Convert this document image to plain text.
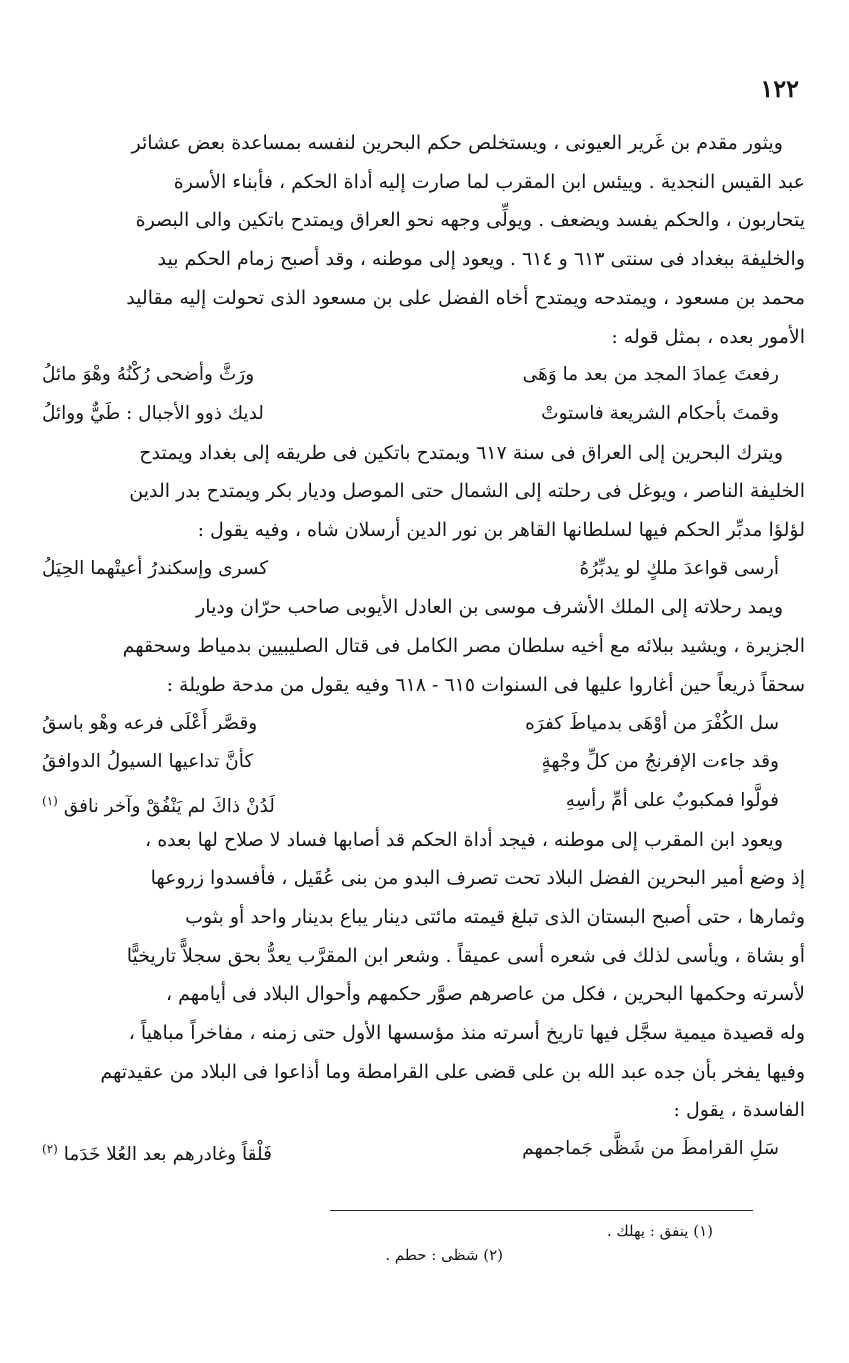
١٢٢

ويثور مقدم بن غَرير العيونى ، ويستخلص حكم البحرين لنفسه بمساعدة بعض عشائر

عبد القيس النجدية . وييئس ابن المقرب لما صارت إليه أداة الحكم ، فأبناء الأسرة

يتحاربون ، والحكم يفسد ويضعف . ويولِّى وجهه نحو العراق ويمتدح باتكين والى البصرة

والخليفة ببغداد فى سنتى ٦١٣ و ٦١٤ . ويعود إلى موطنه ، وقد أصبح زمام الحكم بيد

محمد بن مسعود ، ويمتدحه ويمتدح أخاه الفضل على بن مسعود الذى تحولت إليه مقاليد

الأمور بعده ، بمثل قوله :

رفعتَ عِمادَ المجد من بعد ما وَهَى
ورَثَّ وأضحى رُكْنُهُ وهْوَ مائلُ
وقمتَ بأحكام الشريعة فاستوتْ
لديك ذوو الأجبال : طَيٌّ ووائلُ

ويترك البحرين إلى العراق فى سنة ٦١٧ ويمتدح باتكين فى طريقه إلى بغداد ويمتدح

الخليفة الناصر ، ويوغل فى رحلته إلى الشمال حتى الموصل وديار بكر ويمتدح بدر الدين

لؤلؤا مدبِّر الحكم فيها لسلطانها القاهر بن نور الدين أرسلان شاه ، وفيه يقول :

أرسى قواعدَ ملكٍ لو يدبِّرُهُ
كسرى وإسكندرُ أعيتْهما الحِيَلُ

ويمد رحلاته إلى الملك الأشرف موسى بن العادل الأيوبى صاحب حرّان وديار

الجزيرة ، ويشيد ببلائه مع أخيه سلطان مصر الكامل فى قتال الصليبيين بدمياط وسحقهم

سحقاً ذريعاً حين أغاروا عليها فى السنوات ٦١٥ - ٦١٨ وفيه يقول من مدحة طويلة :

سل الكُفْرَ من أوْهَى بدمياطَ كفرَه
وقصَّر أَعْلَى فرعه وهْو باسقُ
وقد جاءت الإفرنجُ من كلِّ وجْهةٍ
كأنَّ تداعيها السيولُ الدوافقُ
فولَّوا فمكبوبٌ على أمِّ رأسِهِ
لَدُنْ ذاكَ لم يَنْفُقْ وآخر نافق $^{(١)}$

ويعود ابن المقرب إلى موطنه ، فيجد أداة الحكم قد أصابها فساد لا صلاح لها بعده ،

إذ وضع أمير البحرين الفضل البلاد تحت تصرف البدو من بنى عُقَيل ، فأفسدوا زروعها

وثمارها ، حتى أصبح البستان الذى تبلغ قيمته مائتى دينار يباع بدينار واحد أو بثوب

أو بشاة ، ويأسى لذلك فى شعره أسى عميقاً . وشعر ابن المقرَّب يعدُّ بحق سجلاًّ تاريخيًّا

لأسرته وحكمها البحرين ، فكل من عاصرهم صوَّر حكمهم وأحوال البلاد فى أيامهم ،

وله قصيدة ميمية سجَّل فيها تاريخ أسرته منذ مؤسسها الأول حتى زمنه ، مفاخراً مباهياً ،

وفيها يفخر بأن جده عبد الله بن على قضى على القرامطة وما أذاعوا فى البلاد من عقيدتهم

الفاسدة ، يقول :

سَلِ القرامطَ من شَظَّى جَماجمهم
فَلْقاً وغادرهم بعد العُلا خَدَما $^{(٢)}$
(١) ينفق : يهلك .
(٢) شظى : حطم .
